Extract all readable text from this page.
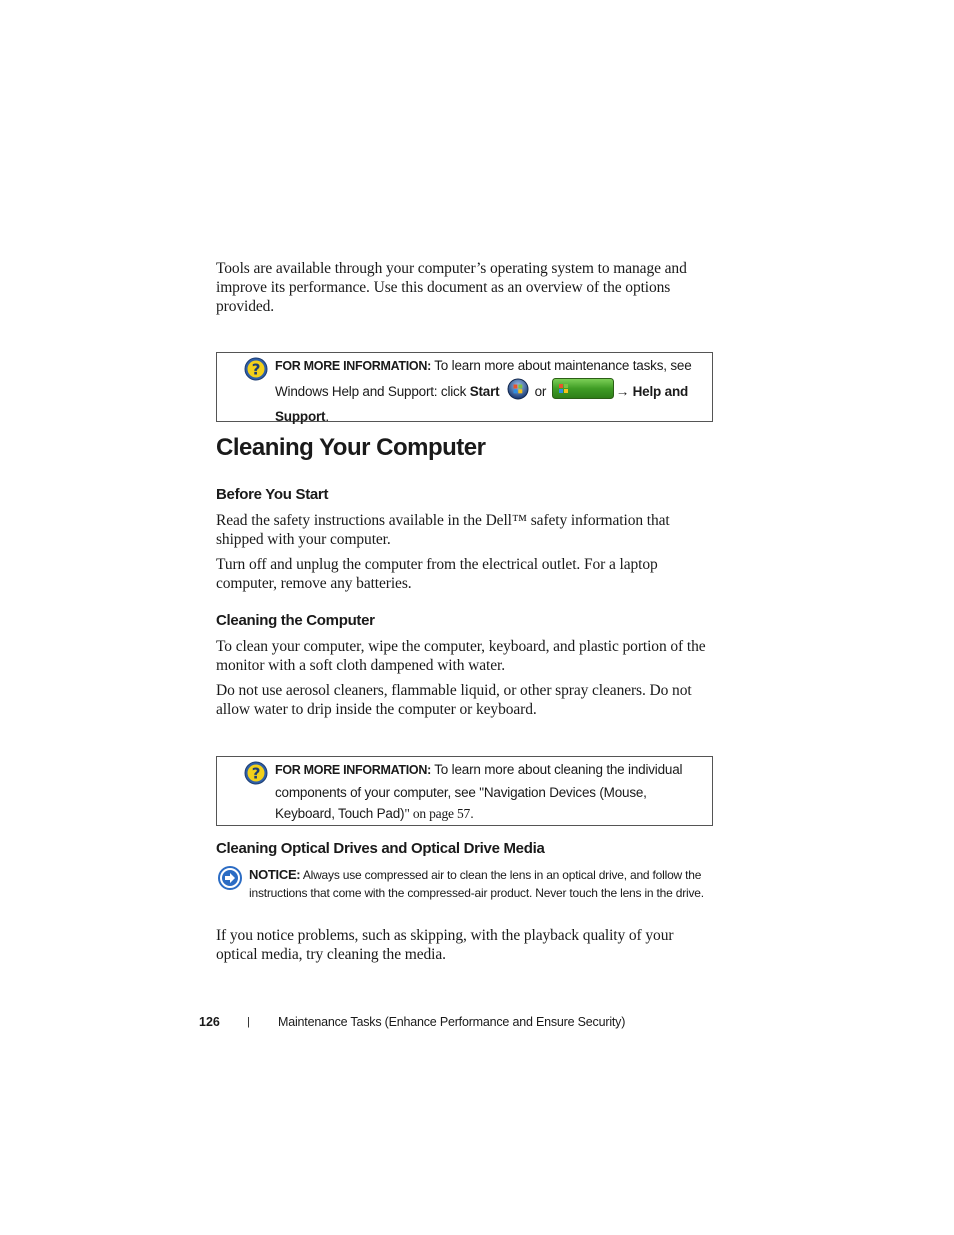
Tools are available through your computer’s operating system to manage and improve its performance. Use this document as an overview of the options provided.

? FOR MORE INFORMATION: To learn more about maintenance tasks, see Windows Help and Support: click Start  or	→ Help and Support.
Cleaning Your Computer
Before You Start

Read the safety instructions available in the Dell™ safety information that shipped with your computer.

Turn off and unplug the computer from the electrical outlet. For a laptop computer, remove any batteries.

Cleaning the Computer

To clean your computer, wipe the computer, keyboard, and plastic portion of the monitor with a soft cloth dampened with water.

Do not use aerosol cleaners, flammable liquid, or other spray cleaners. Do not allow water to drip inside the computer or keyboard.

? FOR MORE INFORMATION: To learn more about cleaning the individual components of your computer, see "Navigation Devices (Mouse, Keyboard, Touch Pad)" on page 57.
Cleaning Optical Drives and Optical Drive Media
NOTICE: Always use compressed air to clean the lens in an optical drive, and follow the instructions that come with the compressed-air product. Never touch the lens in the drive.

If you notice problems, such as skipping, with the playback quality of your optical media, try cleaning the media.

126 | Maintenance Tasks (Enhance Performance and Ensure Security)
